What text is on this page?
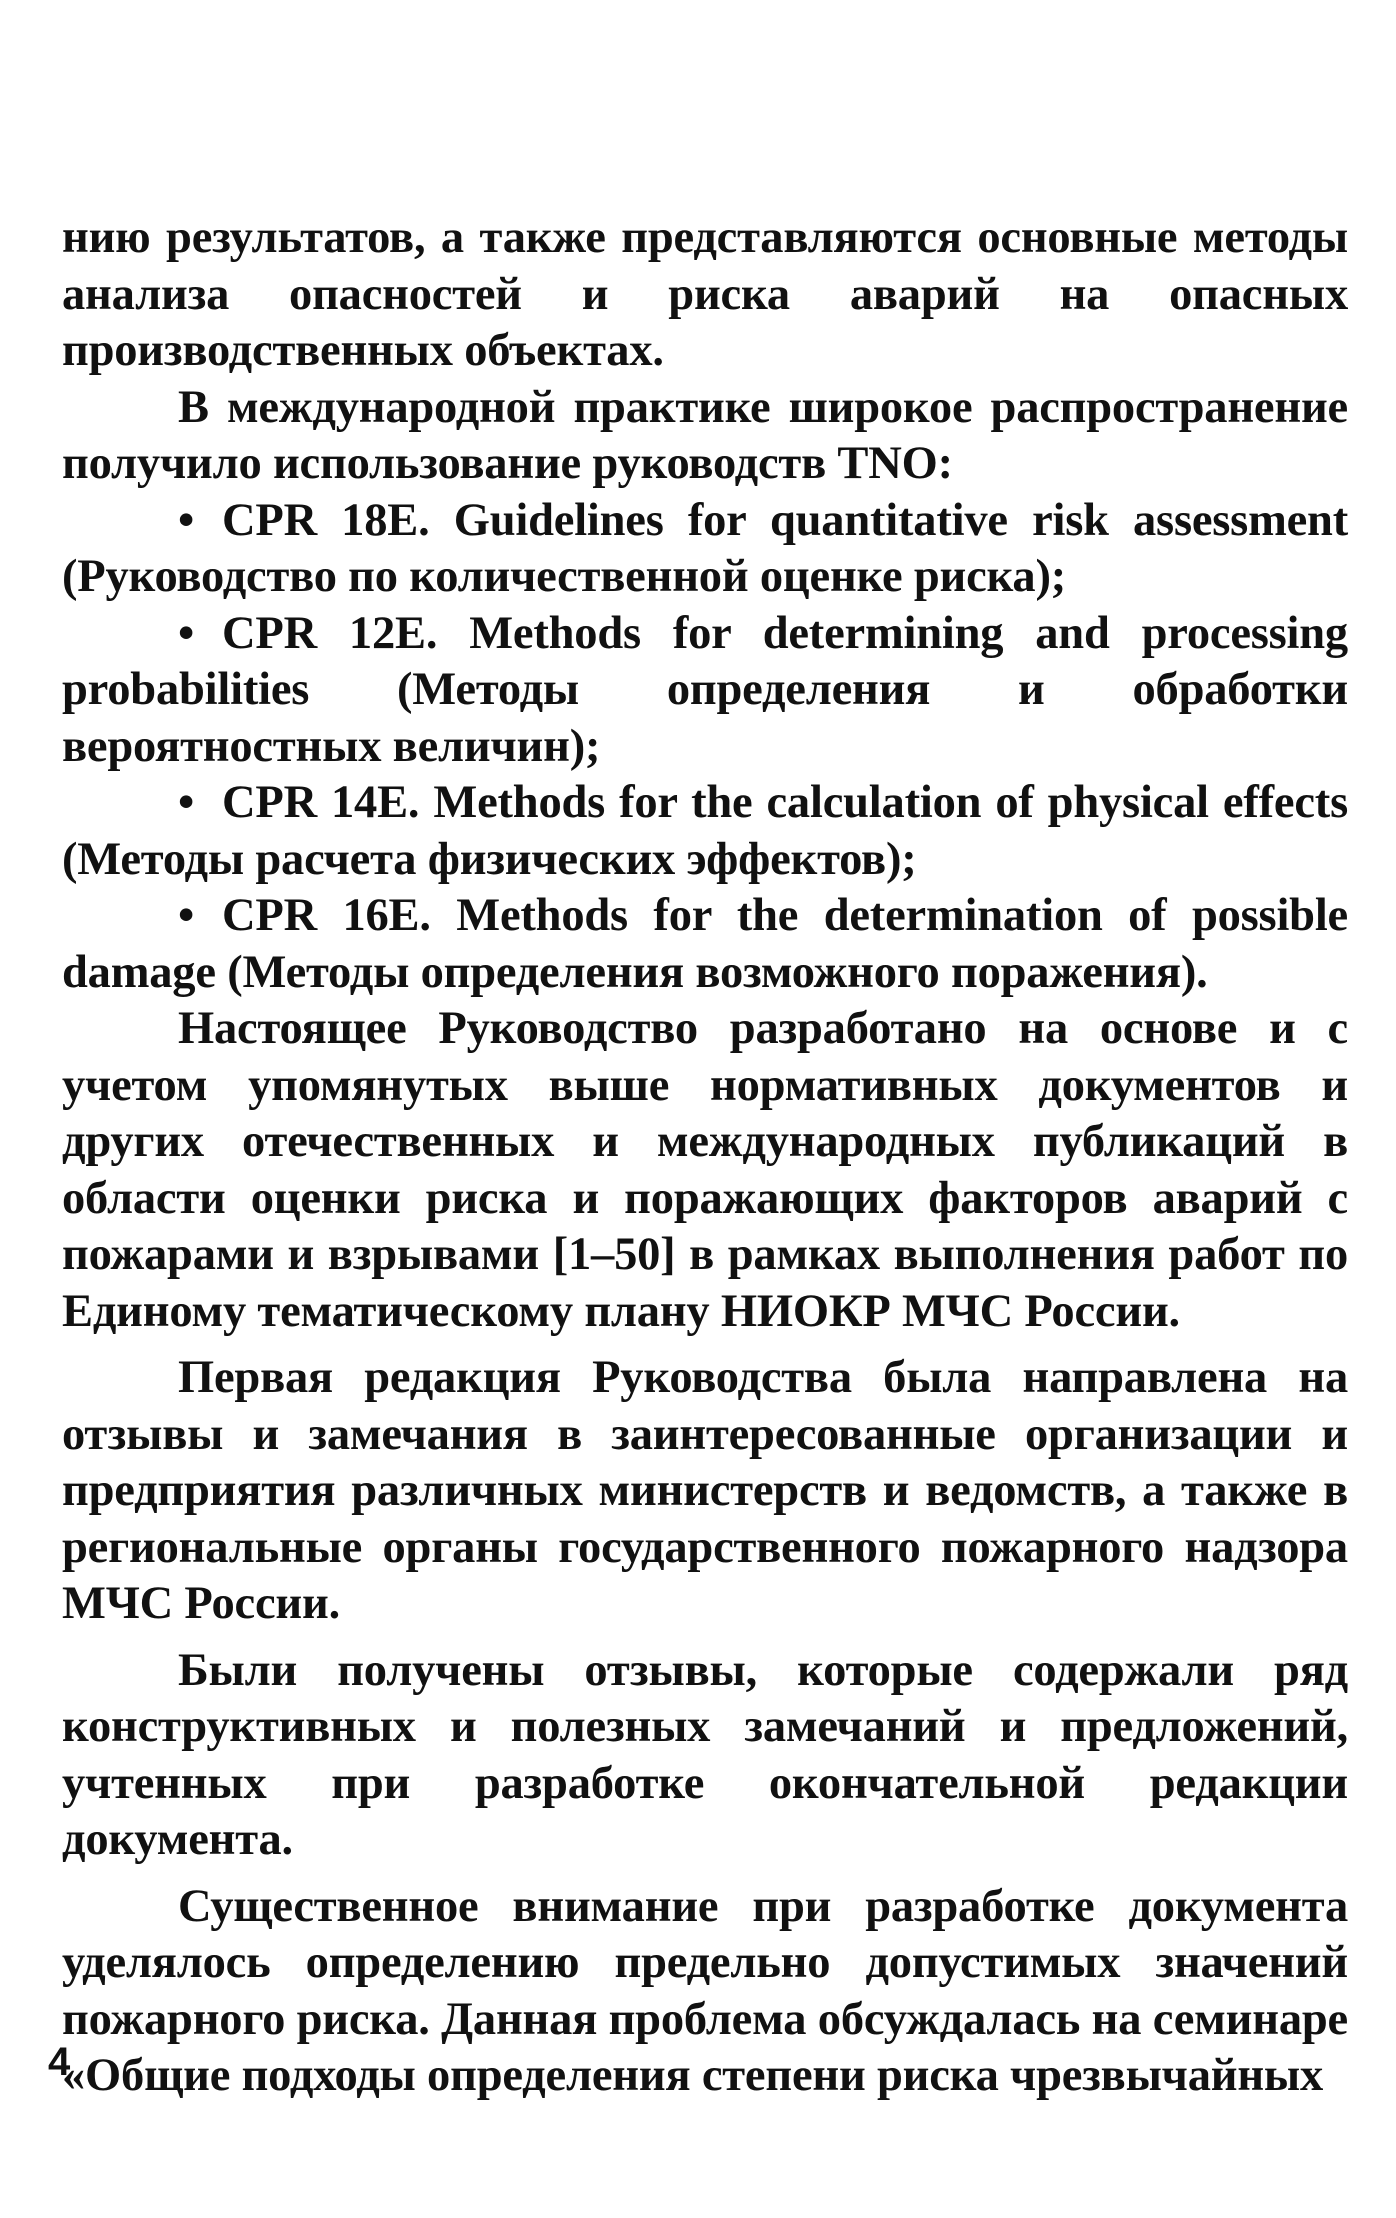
нию результатов, а также представляются основные методы анализа опасностей и риска аварий на опасных производственных объектах.

В международной практике широкое распространение получило использование руководств TNO:

• CPR 18E. Guidelines for quantitative risk assessment (Руководство по количественной оценке риска);
• CPR 12E. Methods for determining and processing probabilities (Методы определения и обработки вероятностных величин);
• CPR 14E. Methods for the calculation of physical effects (Методы расчета физических эффектов);
• CPR 16E. Methods for the determination of possible damage (Методы определения возможного поражения).

Настоящее Руководство разработано на основе и с учетом упомянутых выше нормативных документов и других отечественных и международных публикаций в области оценки риска и поражающих факторов аварий с пожарами и взрывами [1–50] в рамках выполнения работ по Единому тематическому плану НИОКР МЧС России.

Первая редакция Руководства была направлена на отзывы и замечания в заинтересованные организации и предприятия различных министерств и ведомств, а также в региональные органы государственного пожарного надзора МЧС России.

Были получены отзывы, которые содержали ряд конструктивных и полезных замечаний и предложений, учтенных при разработке окончательной редакции документа.

Существенное внимание при разработке документа уделялось определению предельно допустимых значений пожарного риска. Данная проблема обсуждалась на семинаре «Общие подходы определения степени риска чрезвычайных

4
